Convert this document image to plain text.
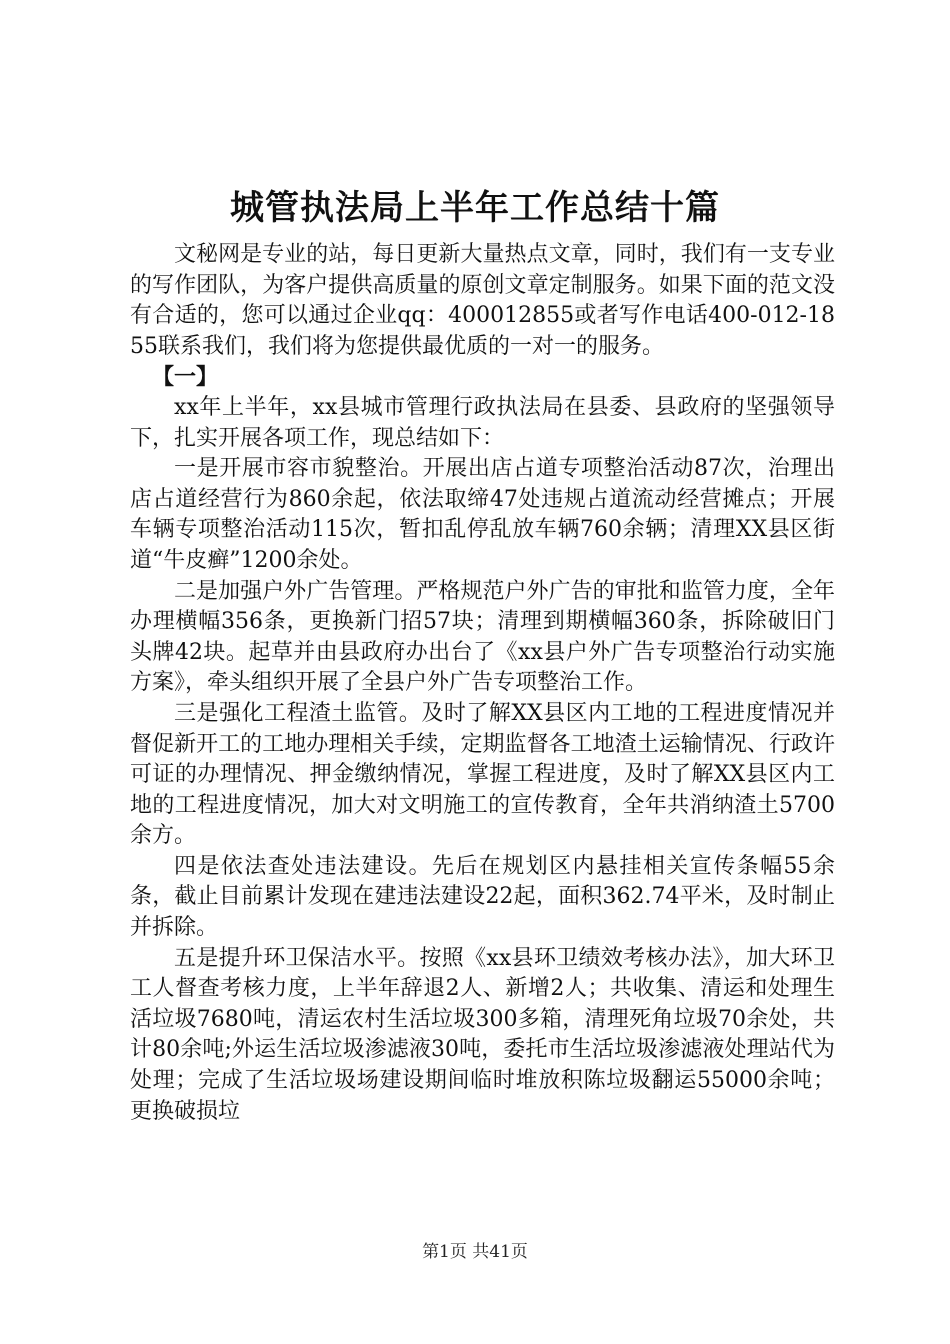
城管执法局上半年工作总结十篇

文秘网是专业的站，每日更新大量热点文章，同时，我们有一支专业的写作团队，为客户提供高质量的原创文章定制服务。如果下面的范文没有合适的，您可以通过企业qq：400012855或者写作电话400-012-1855联系我们，我们将为您提供最优质的一对一的服务。

【一】

xx年上半年，xx县城市管理行政执法局在县委、县政府的坚强领导下，扎实开展各项工作，现总结如下：

一是开展市容市貌整治。开展出店占道专项整治活动87次，治理出店占道经营行为860余起，依法取缔47处违规占道流动经营摊点；开展车辆专项整治活动115次，暂扣乱停乱放车辆760余辆；清理XX县区街道“牛皮癣”1200余处。

二是加强户外广告管理。严格规范户外广告的审批和监管力度，全年办理横幅356条，更换新门招57块；清理到期横幅360条，拆除破旧门头牌42块。起草并由县政府办出台了《xx县户外广告专项整治行动实施方案》，牵头组织开展了全县户外广告专项整治工作。

三是强化工程渣土监管。及时了解XX县区内工地的工程进度情况并督促新开工的工地办理相关手续，定期监督各工地渣土运输情况、行政许可证的办理情况、押金缴纳情况，掌握工程进度，及时了解XX县区内工地的工程进度情况，加大对文明施工的宣传教育，全年共消纳渣土5700余方。

四是依法查处违法建设。先后在规划区内悬挂相关宣传条幅55余条，截止目前累计发现在建违法建设22起，面积362.74平米，及时制止并拆除。

五是提升环卫保洁水平。按照《xx县环卫绩效考核办法》，加大环卫工人督查考核力度，上半年辞退2人、新增2人；共收集、清运和处理生活垃圾7680吨，清运农村生活垃圾300多箱，清理死角垃圾70余处，共计80余吨;外运生活垃圾渗滤液30吨，委托市生活垃圾渗滤液处理站代为处理；完成了生活垃圾场建设期间临时堆放积陈垃圾翻运55000余吨；更换破损垃

第1页 共41页
